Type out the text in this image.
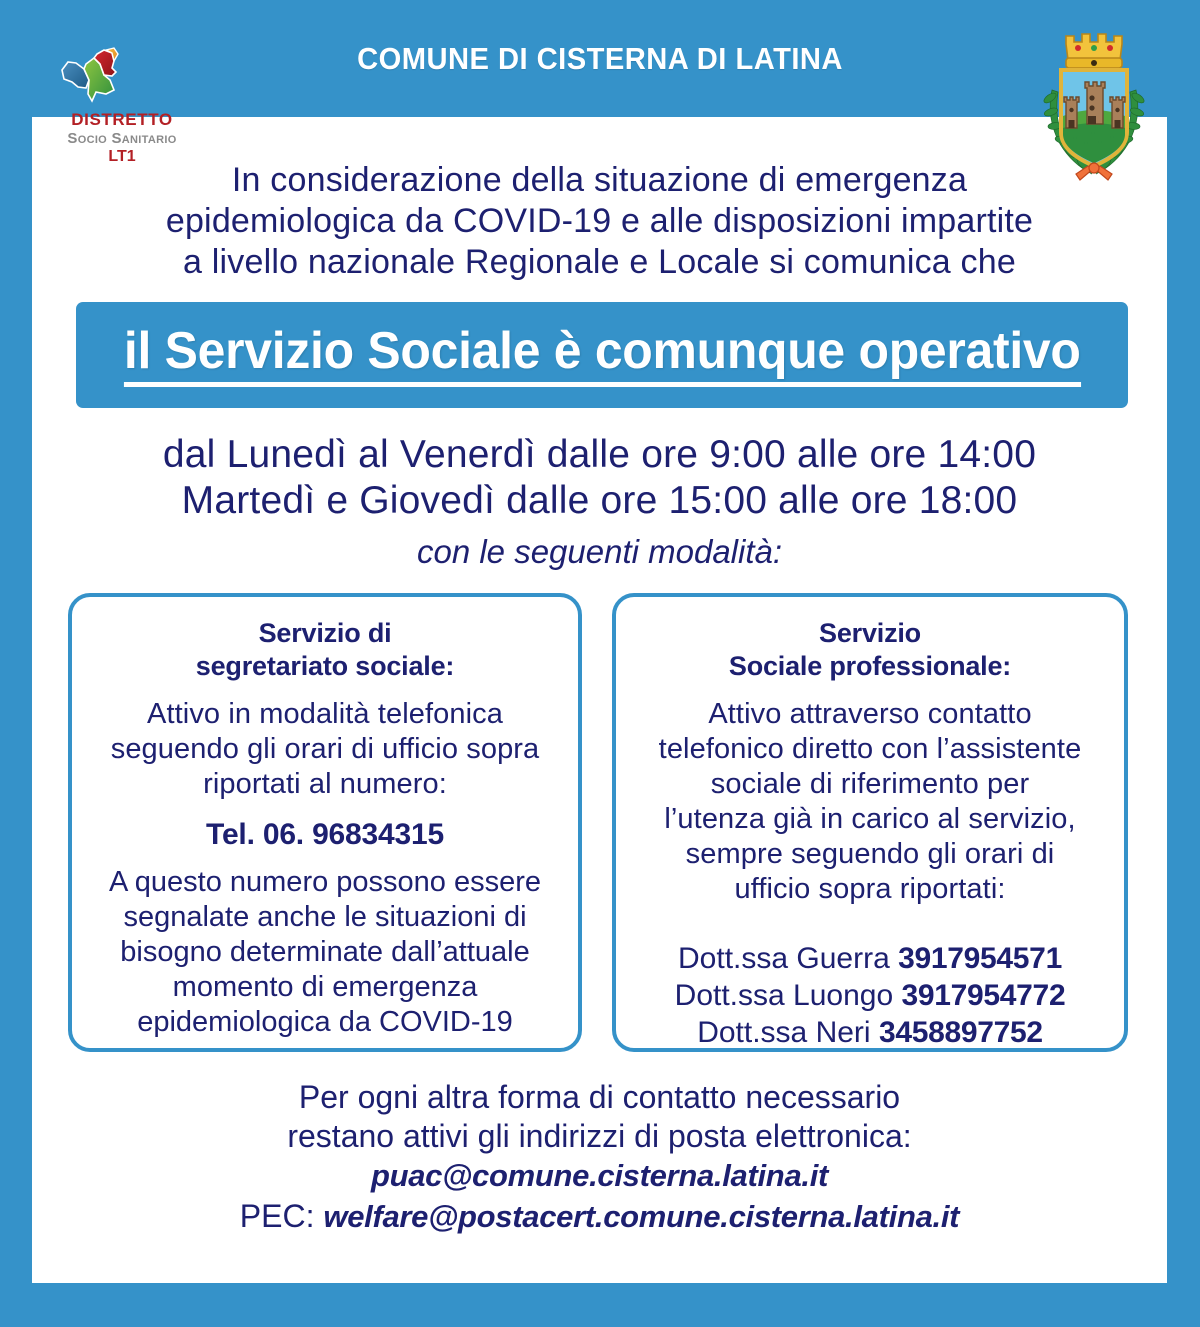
COMUNE DI CISTERNA DI LATINA
DISTRETTO
Socio Sanitario
LT1
In considerazione della situazione di emergenza
epidemiologica da COVID-19 e alle disposizioni impartite
a livello nazionale Regionale e Locale si comunica che
il Servizio Sociale è comunque operativo
dal Lunedì al Venerdì dalle ore 9:00 alle ore 14:00
Martedì e Giovedì dalle ore 15:00 alle ore 18:00
con le seguenti modalità:
Servizio di
segretariato sociale:
Attivo in modalità telefonica
seguendo gli orari di ufficio sopra
riportati al numero:
Tel. 06. 96834315
A questo numero possono essere
segnalate anche le situazioni di
bisogno determinate dall’attuale
momento di emergenza
epidemiologica da COVID-19
Servizio
Sociale professionale:
Attivo attraverso contatto
telefonico diretto con l’assistente
sociale di riferimento per
l’utenza già in carico al servizio,
sempre seguendo gli orari di
ufficio sopra riportati:
Dott.ssa Guerra 3917954571
Dott.ssa Luongo 3917954772
Dott.ssa Neri 3458897752
Per ogni altra forma di contatto necessario
restano attivi gli indirizzi di posta elettronica:
puac@comune.cisterna.latina.it
PEC: welfare@postacert.comune.cisterna.latina.it
